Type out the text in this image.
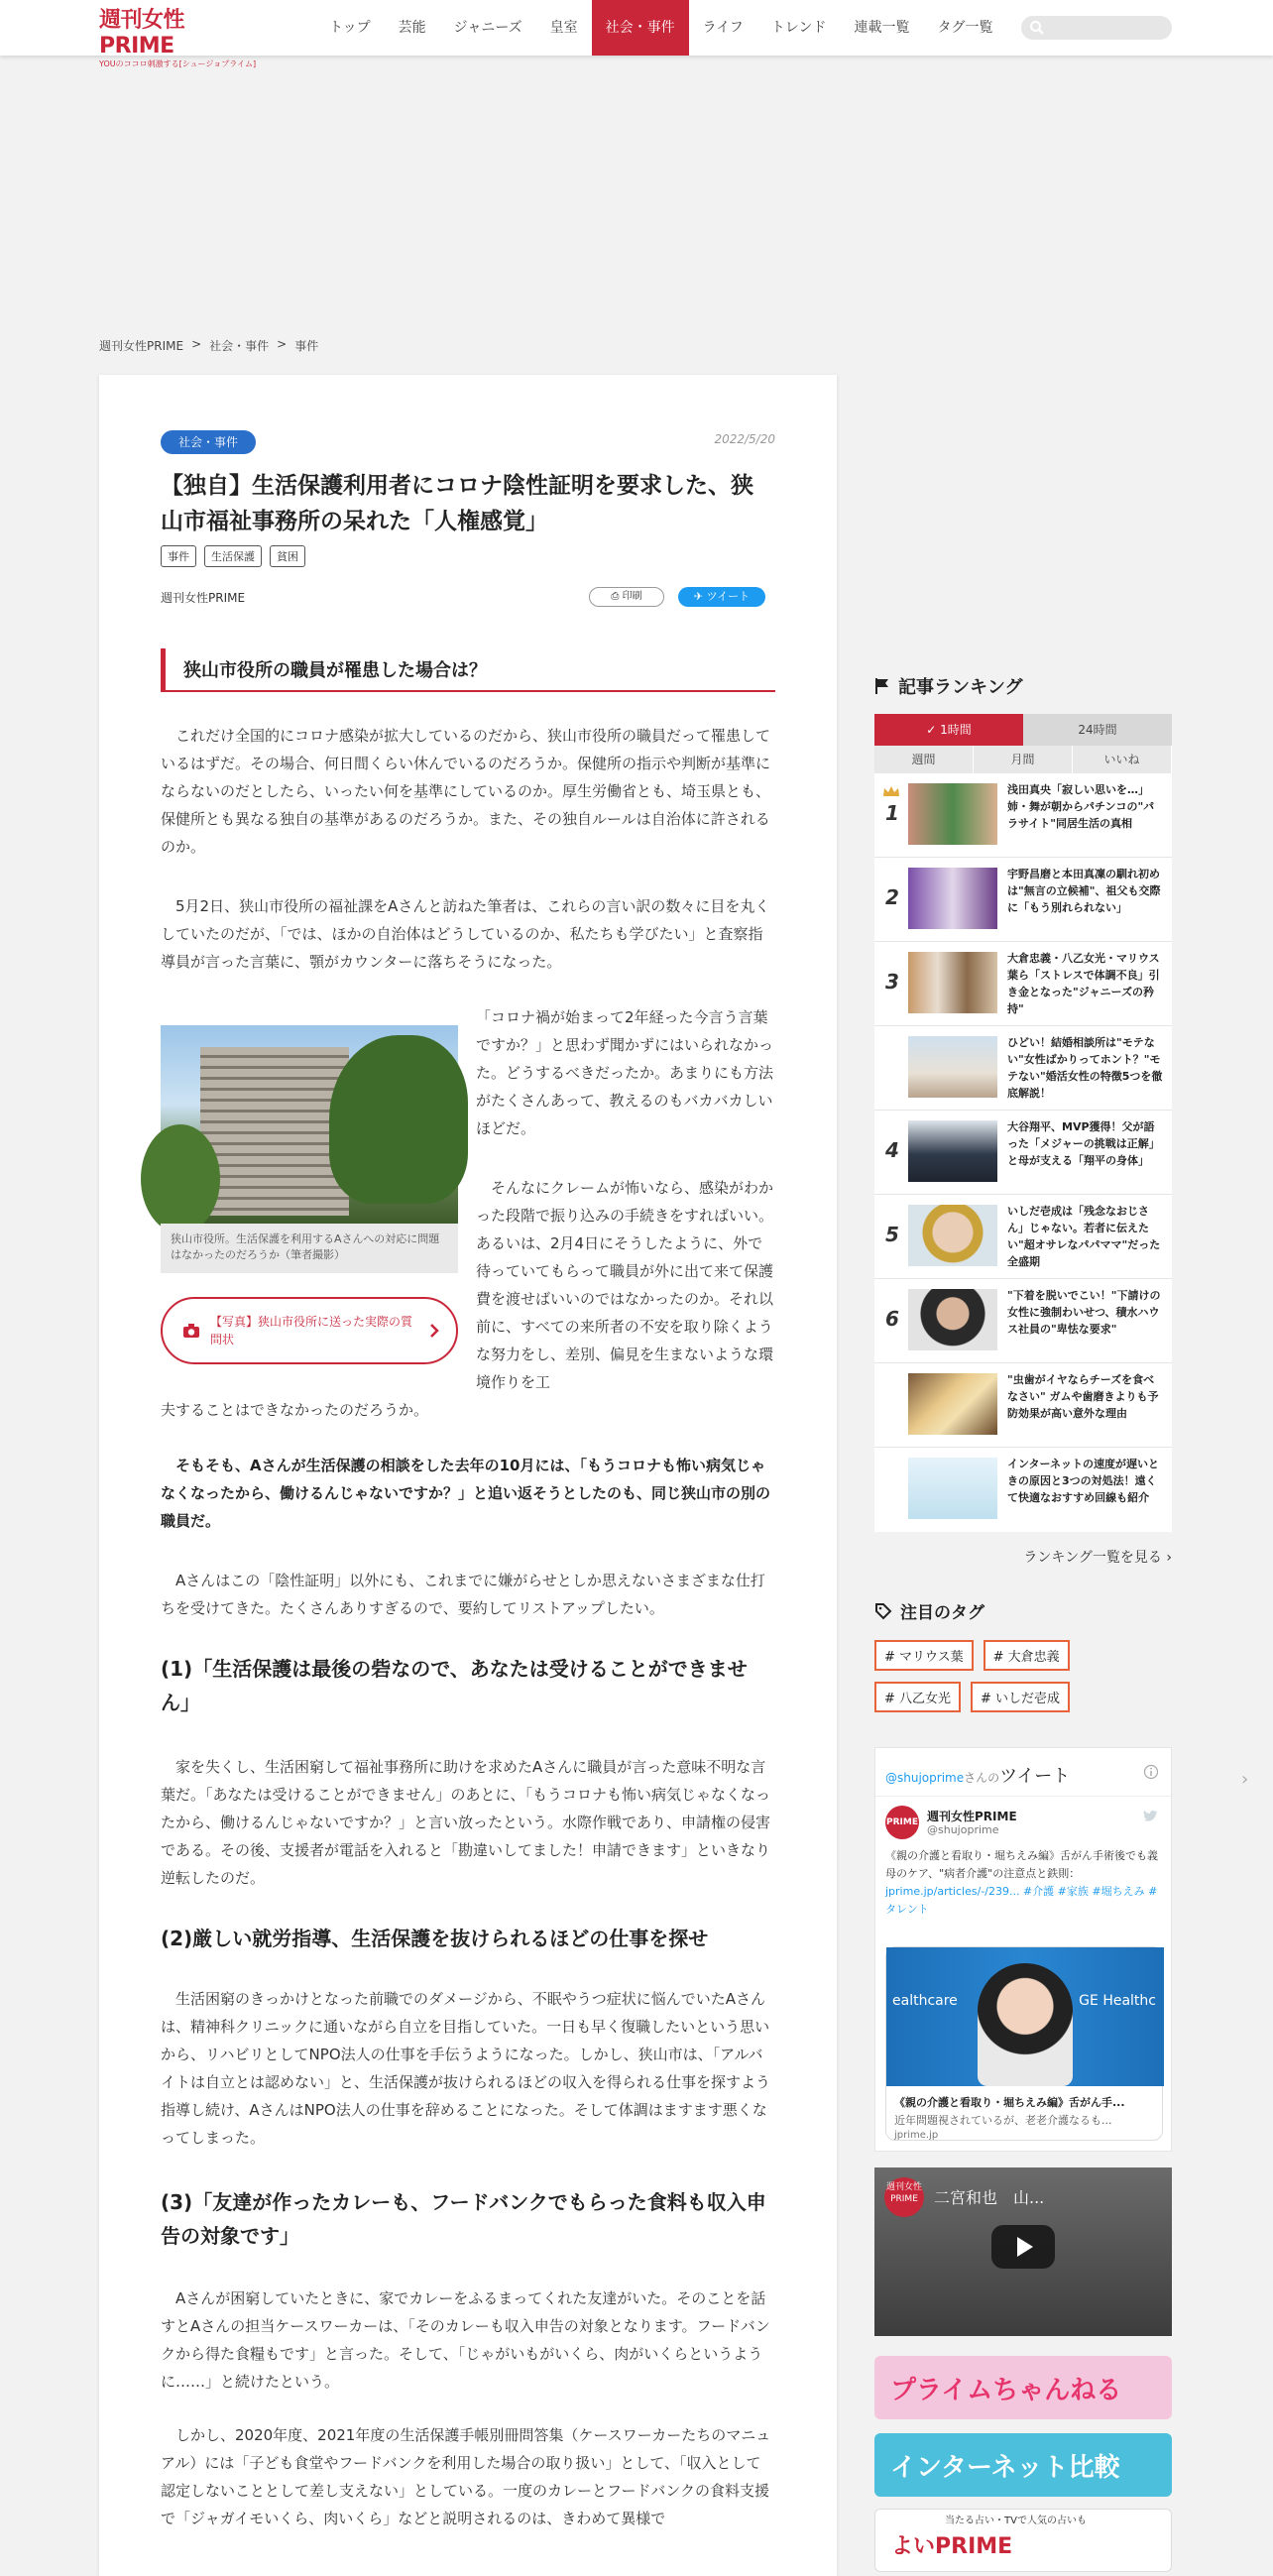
週刊女性PRIME
YOUのココロ刺激する[シュージョプライム]
トップ	芸能	ジャニーズ	皇室	社会・事件	ライフ	トレンド	連載一覧	タグ一覧
週刊女性PRIME > 社会・事件 > 事件
社会・事件	2022/5/20
【独自】生活保護利用者にコロナ陰性証明を要求した、狭山市福祉事務所の呆れた「人権感覚」
事件	生活保護	貧困
週刊女性PRIME	⎙ 印刷	✈ ツイート
狭山市役所の職員が罹患した場合は？

これだけ全国的にコロナ感染が拡大しているのだから、狭山市役所の職員だって罹患しているはずだ。その場合、何日間くらい休んでいるのだろうか。保健所の指示や判断が基準にならないのだとしたら、いったい何を基準にしているのか。厚生労働省とも、埼玉県とも、保健所とも異なる独自の基準があるのだろうか。また、その独自ルールは自治体に許されるのか。

5月2日、狭山市役所の福祉課をAさんと訪ねた筆者は、これらの言い訳の数々に目を丸くしていたのだが、「では、ほかの自治体はどうしているのか、私たちも学びたい」と査察指導員が言った言葉に、顎がカウンターに落ちそうになった。

狭山市役所。生活保護を利用するAさんへの対応に問題はなかったのだろうか（筆者撮影）
【写真】狭山市役所に送った実際の質問状

「コロナ禍が始まって2年経った今言う言葉ですか？」と思わず聞かずにはいられなかった。どうするべきだったか。あまりにも方法がたくさんあって、教えるのもバカバカしいほどだ。

そんなにクレームが怖いなら、感染がわかった段階で振り込みの手続きをすればいい。あるいは、2月4日にそうしたように、外で待っていてもらって職員が外に出て来て保護費を渡せばいいのではなかったのか。それ以前に、すべての来所者の不安を取り除くような努力をし、差別、偏見を生まないような環境作りを工

夫することはできなかったのだろうか。

そもそも、Aさんが生活保護の相談をした去年の10月には、「もうコロナも怖い病気じゃなくなったから、働けるんじゃないですか？」と追い返そうとしたのも、同じ狭山市の別の職員だ。

Aさんはこの「陰性証明」以外にも、これまでに嫌がらせとしか思えないさまざまな仕打ちを受けてきた。たくさんありすぎるので、要約してリストアップしたい。

(1)「生活保護は最後の砦なので、あなたは受けることができません」

家を失くし、生活困窮して福祉事務所に助けを求めたAさんに職員が言った意味不明な言葉だ。「あなたは受けることができません」のあとに、「もうコロナも怖い病気じゃなくなったから、働けるんじゃないですか？」と言い放ったという。水際作戦であり、申請権の侵害である。その後、支援者が電話を入れると「勘違いしてました！申請できます」といきなり逆転したのだ。

(2)厳しい就労指導、生活保護を抜けられるほどの仕事を探せ

生活困窮のきっかけとなった前職でのダメージから、不眠やうつ症状に悩んでいたAさんは、精神科クリニックに通いながら自立を目指していた。一日も早く復職したいという思いから、リハビリとしてNPO法人の仕事を手伝うようになった。しかし、狭山市は、「アルバイトは自立とは認めない」と、生活保護が抜けられるほどの収入を得られる仕事を探すよう指導し続け、AさんはNPO法人の仕事を辞めることになった。そして体調はますます悪くなってしまった。

(3)「友達が作ったカレーも、フードバンクでもらった食料も収入申告の対象です」

Aさんが困窮していたときに、家でカレーをふるまってくれた友達がいた。そのことを話すとAさんの担当ケースワーカーは、「そのカレーも収入申告の対象となります。フードバンクから得た食糧もです」と言った。そして、「じゃがいもがいくら、肉がいくらというように……」と続けたという。

しかし、2020年度、2021年度の生活保護手帳別冊問答集（ケースワーカーたちのマニュアル）には「子ども食堂やフードバンクを利用した場合の取り扱い」として、「収入として認定しないこととして差し支えない」としている。一度のカレーとフードバンクの食料支援で「ジャガイモいくら、肉いくら」などと説明されるのは、きわめて異様で

記事ランキング
✓ 1時間	24時間
週間	月間	いいね
1
浅田真央「寂しい思いを…」姉・舞が朝からパチンコの"パラサイト"同居生活の真相
2
宇野昌磨と本田真凜の馴れ初めは"無言の立候補"、祖父も交際に「もう別れられない」
3
大倉忠義・八乙女光・マリウス葉ら「ストレスで体調不良」引き金となった"ジャニーズの矜持"
ひどい！結婚相談所は"モテない"女性ばかりってホント？"モテない"婚活女性の特徴5つを徹底解説！
4
大谷翔平、MVP獲得！父が語った「メジャーの挑戦は正解」と母が支える「翔平の身体」
5
いしだ壱成は「残念なおじさん」じゃない。若者に伝えたい"超オサレなパパママ"だった全盛期
6
"下着を脱いでこい！"下請けの女性に強制わいせつ、積水ハウス社員の"卑怯な要求"
"虫歯がイヤならチーズを食べなさい" ガムや歯磨きよりも予防効果が高い意外な理由
インターネットの速度が遅いときの原因と3つの対処法！遠くて快適なおすすめ回線も紹介
ランキング一覧を見る ›
注目のタグ
# マリウス葉	# 大倉忠義
# 八乙女光	# いしだ壱成
@shujoprimeさんのツイート
PRIME 週刊女性PRIME
@shujoprime
《親の介護と看取り・堀ちえみ編》舌がん手術後でも義母のケア、"病者介護"の注意点と鉄則： jprime.jp/articles/-/239... #介護 #家族 #堀ちえみ #タレント
ealthcare	GE Healthc
《親の介護と看取り・堀ちえみ編》舌がん手...
近年問題視されているが、老老介護なるも...
jprime.jp
週刊女性PRIME	二宮和也　山...
プライムちゃんねる
インターネット比較
当たる占い・TVで人気の占いも
よいPRIME
›
